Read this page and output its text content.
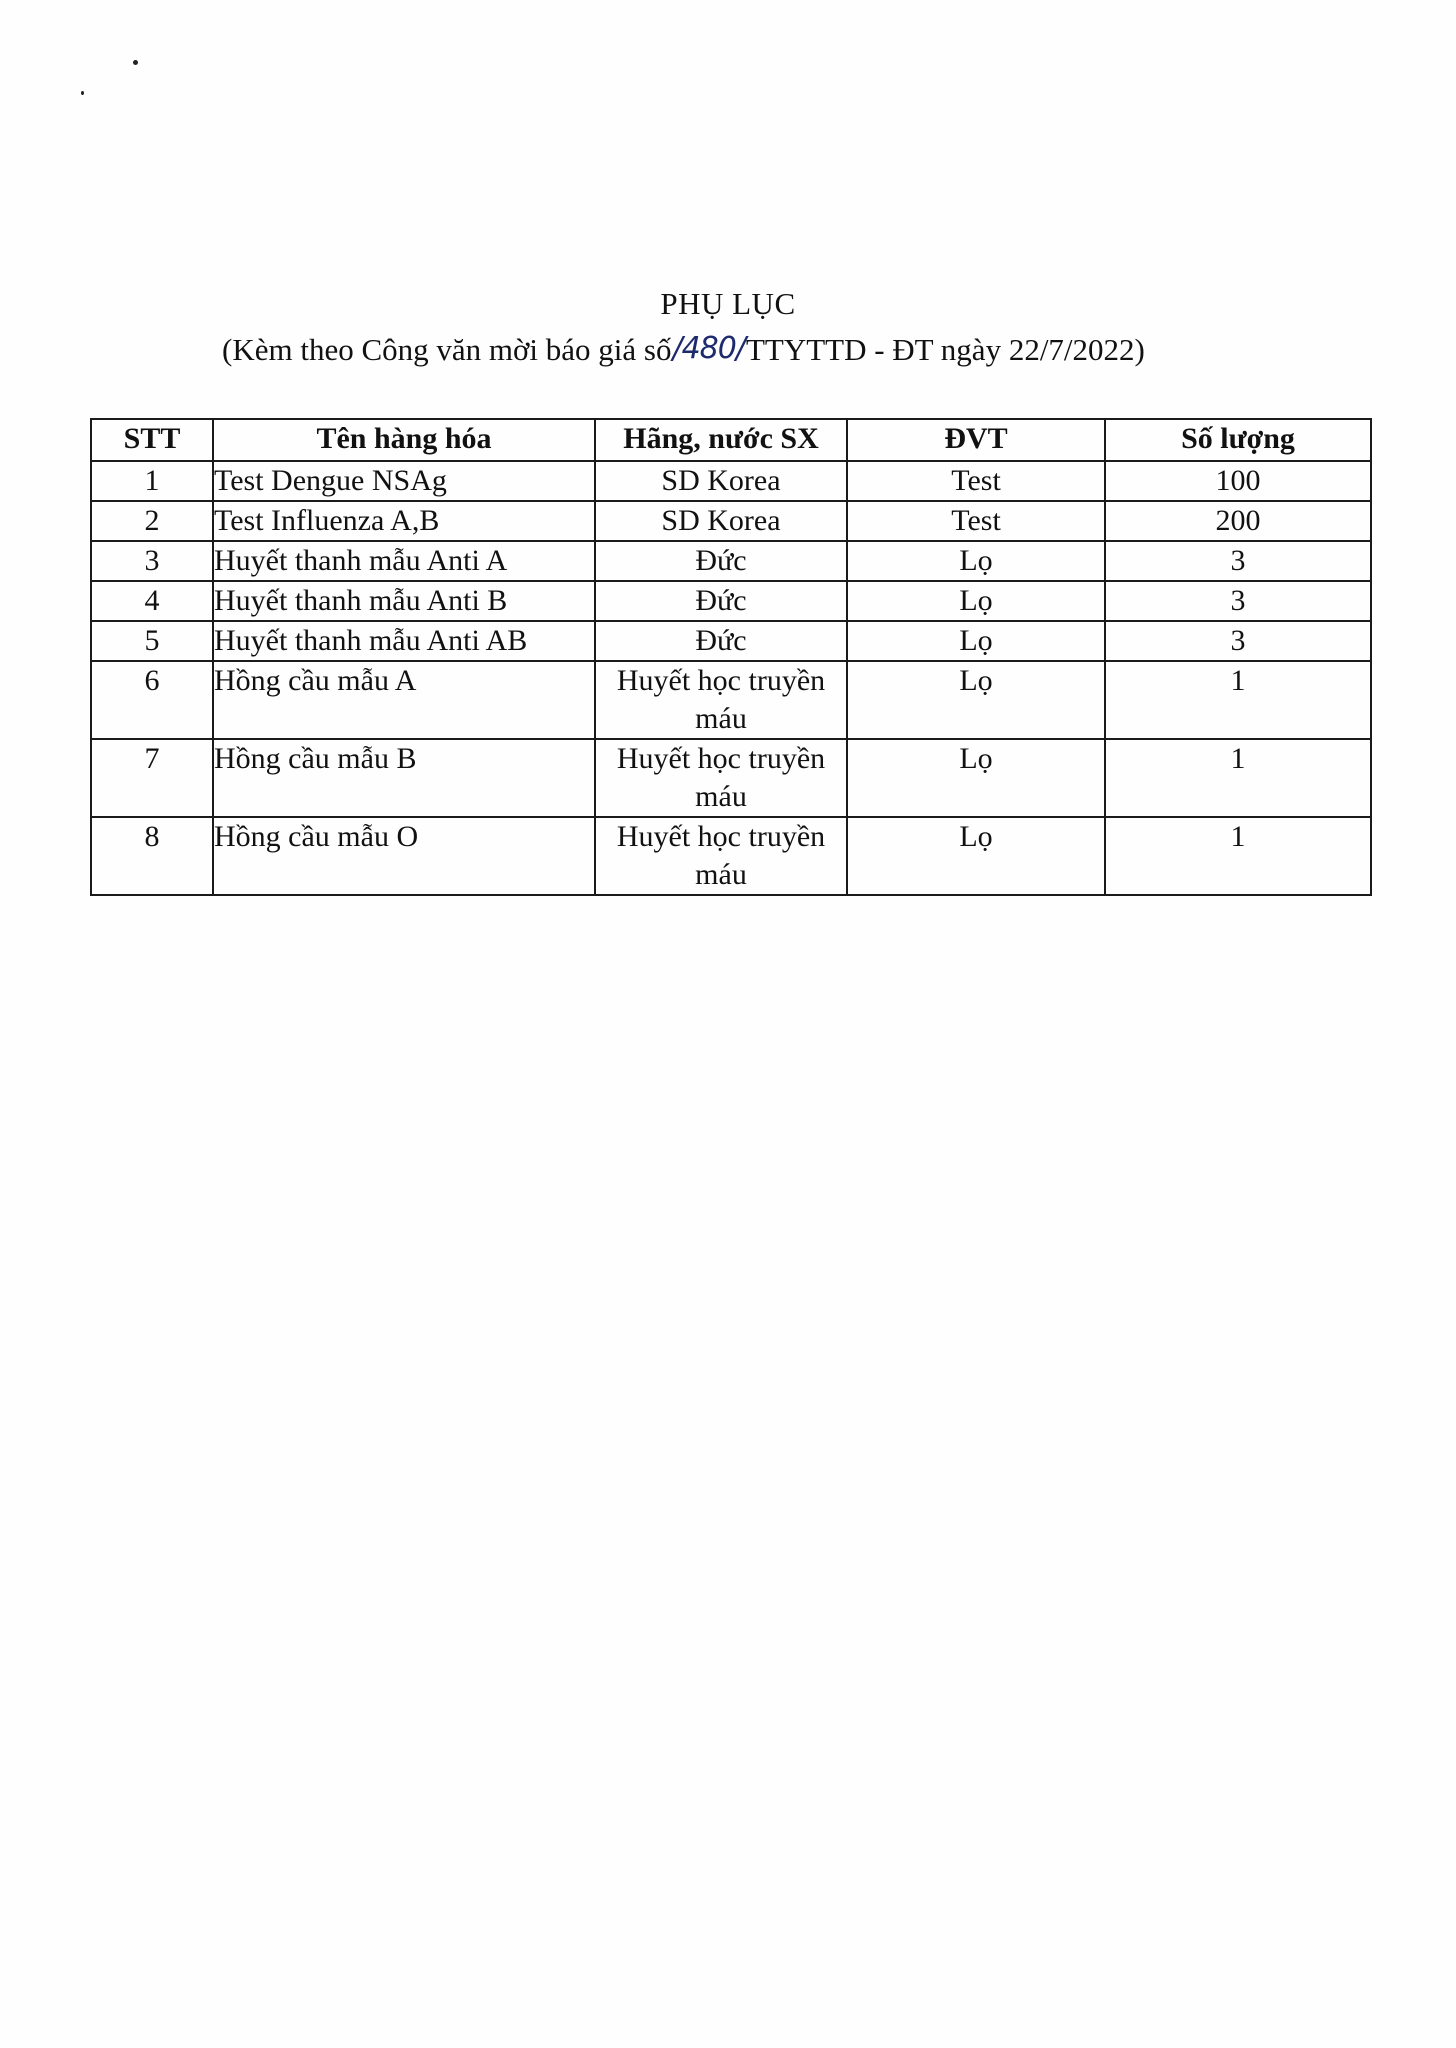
PHỤ LỤC
(Kèm theo Công văn mời báo giá số/480/TTYTTD - ĐT ngày 22/7/2022)
STT	Tên hàng hóa	Hãng, nước SX	ĐVT	Số lượng
1	Test Dengue NSAg	SD Korea	Test	100
2	Test Influenza A,B	SD Korea	Test	200
3	Huyết thanh mẫu Anti A	Đức	Lọ	3
4	Huyết thanh mẫu Anti B	Đức	Lọ	3
5	Huyết thanh mẫu Anti AB	Đức	Lọ	3
6	Hồng cầu mẫu A	Huyết học truyền máu	Lọ	1
7	Hồng cầu mẫu B	Huyết học truyền máu	Lọ	1
8	Hồng cầu mẫu O	Huyết học truyền máu	Lọ	1
